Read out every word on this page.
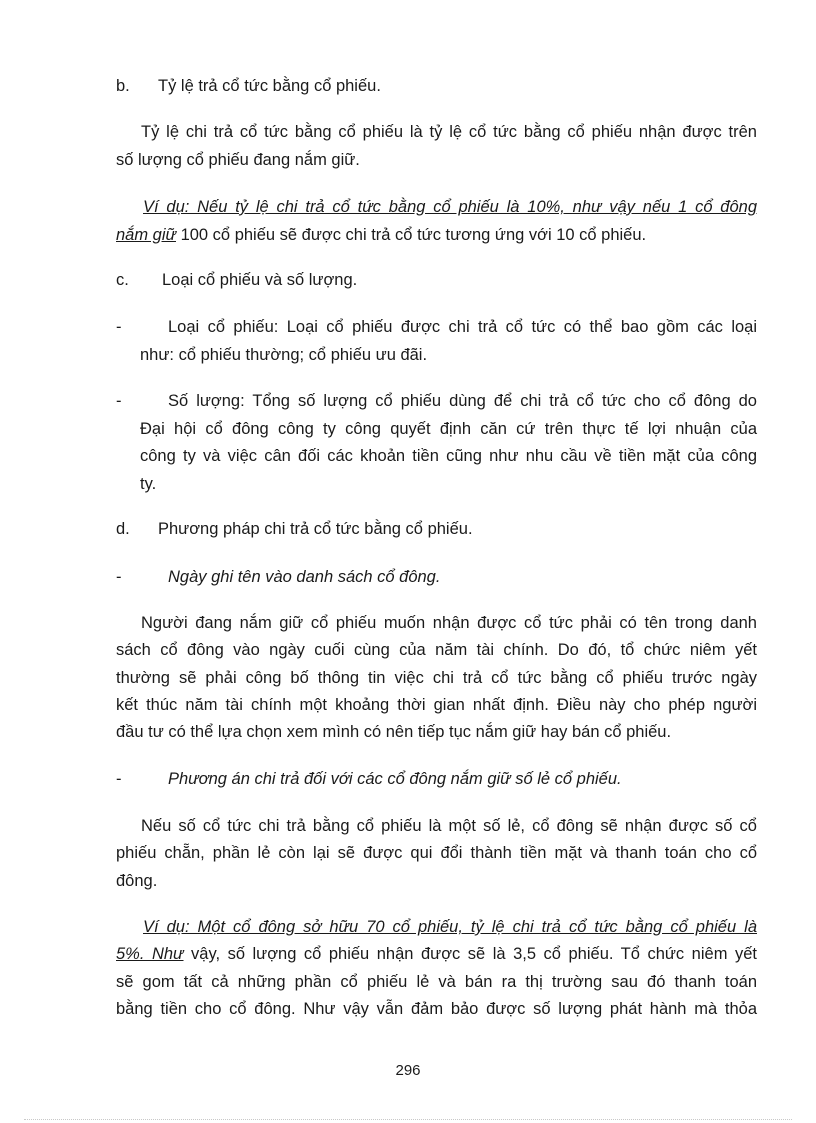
b. Tỷ lệ trả cổ tức bằng cổ phiếu.
Tỷ lệ chi trả cổ tức bằng cổ phiếu là tỷ lệ cổ tức bằng cổ phiếu nhận được trên
số lượng cổ phiếu đang nắm giữ.
Ví dụ: Nếu tỷ lệ chi trả cổ tức bằng cổ phiếu là 10%, như vậy nếu 1 cổ đông
nắm giữ 100 cổ phiếu sẽ được chi trả cổ tức tương ứng với 10 cổ phiếu.
c. Loại cổ phiếu và số lượng.
-	Loại cổ phiếu: Loại cổ phiếu được chi trả cổ tức có thể bao gồm các loại
như: cổ phiếu thường; cổ phiếu ưu đãi.
-	Số lượng: Tổng số lượng cổ phiếu dùng để chi trả cổ tức cho cổ đông do
Đại hội cổ đông công ty công quyết định căn cứ trên thực tế lợi nhuận của
công ty và việc cân đối các khoản tiền cũng như nhu cầu về tiền mặt của công
ty.
d. Phương pháp chi trả cổ tức bằng cổ phiếu.
-	Ngày ghi tên vào danh sách cổ đông.
Người đang nắm giữ cổ phiếu muốn nhận được cổ tức phải có tên trong danh
sách cổ đông vào ngày cuối cùng của năm tài chính. Do đó, tổ chức niêm yết
thường sẽ phải công bố thông tin việc chi trả cổ tức bằng cổ phiếu trước ngày
kết thúc năm tài chính một khoảng thời gian nhất định. Điều này cho phép người
đầu tư có thể lựa chọn xem mình có nên tiếp tục nắm giữ hay bán cổ phiếu.
-	Phương án chi trả đối với các cổ đông nắm giữ số lẻ cổ phiếu.
Nếu số cổ tức chi trả bằng cổ phiếu là một số lẻ, cổ đông sẽ nhận được số cổ
phiếu chẵn, phần lẻ còn lại sẽ được qui đổi thành tiền mặt và thanh toán cho cổ
đông.
Ví dụ: Một cổ đông sở hữu 70 cổ phiếu, tỷ lệ chi trả cổ tức bằng cổ phiếu là
5%. Như vậy, số lượng cổ phiếu nhận được sẽ là 3,5 cổ phiếu. Tổ chức niêm yết
sẽ gom tất cả những phần cổ phiếu lẻ và bán ra thị trường sau đó thanh toán
bằng tiền cho cổ đông. Như vậy vẫn đảm bảo được số lượng phát hành mà thỏa
296
